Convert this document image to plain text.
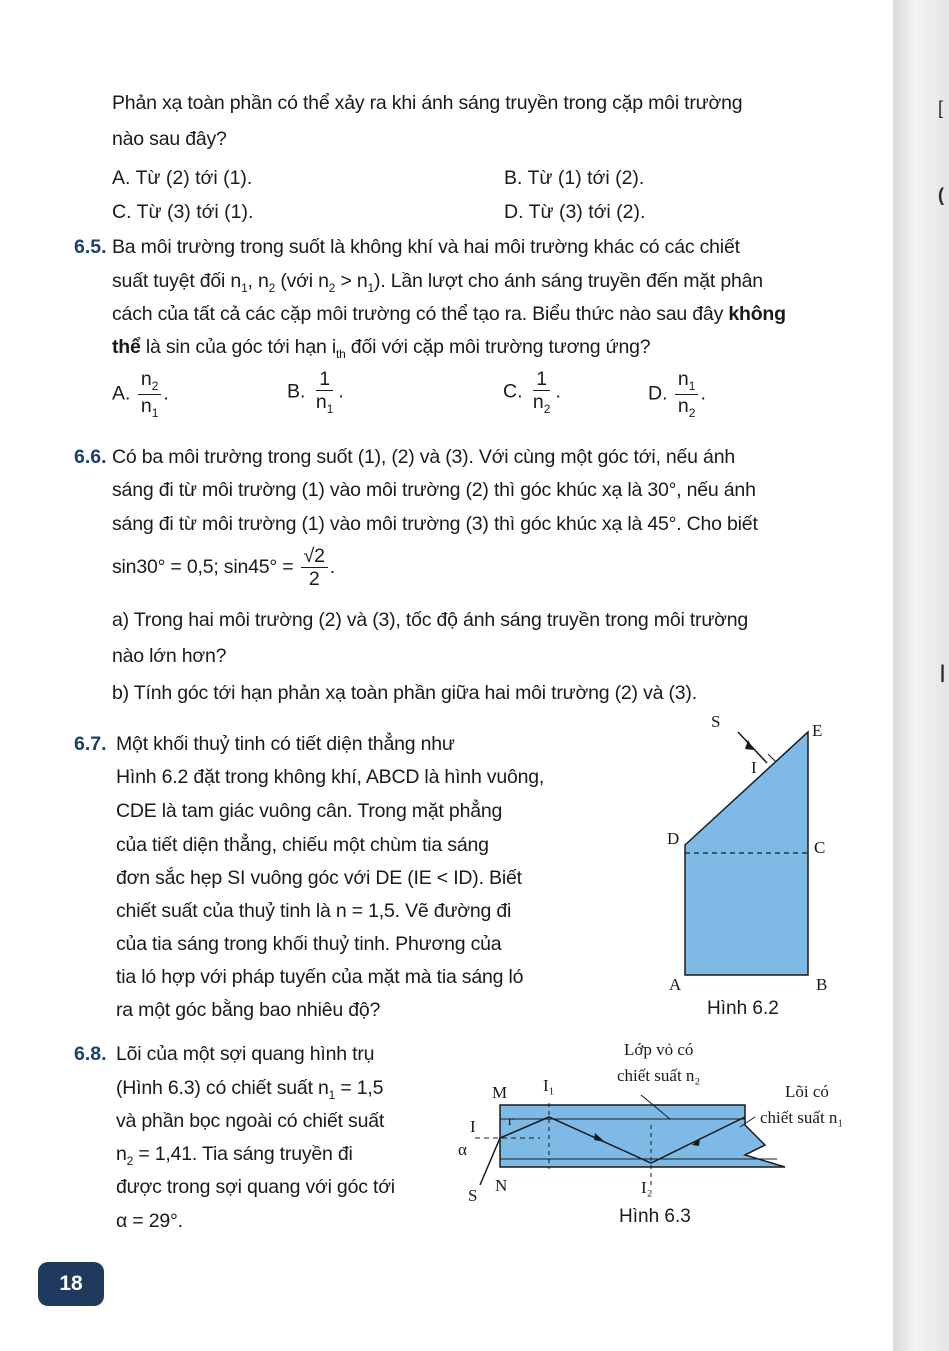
[
(
|
Phản xạ toàn phần có thể xảy ra khi ánh sáng truyền trong cặp môi trường
nào sau đây?
A. Từ (2) tới (1).	B. Từ (1) tới (2).
C. Từ (3) tới (1).	D. Từ (3) tới (2).
6.5. Ba môi trường trong suốt là không khí và hai môi trường khác có các chiết
suất tuyệt đối $n_1$, $n_2$ (với $n_2 > n_1$). Lần lượt cho ánh sáng truyền đến mặt phân
cách của tất cả các cặp môi trường có thể tạo ra. Biểu thức nào sau đây không
thể là sin của góc tới hạn $i_{th}$ đối với cặp môi trường tương ứng?
A. $\frac{n_2}{n_1}$ .	B. $\frac{1}{n_1}$ .	C. $\frac{1}{n_2}$ .	D. $\frac{n_1}{n_2}$ .
6.6. Có ba môi trường trong suốt (1), (2) và (3). Với cùng một góc tới, nếu ánh
sáng đi từ môi trường (1) vào môi trường (2) thì góc khúc xạ là 30°, nếu ánh
sáng đi từ môi trường (1) vào môi trường (3) thì góc khúc xạ là 45°. Cho biết
sin30° = 0,5; $\sin 45^\circ = \frac{√2}{2}$ .
a) Trong hai môi trường (2) và (3), tốc độ ánh sáng truyền trong môi trường
nào lớn hơn?
b) Tính góc tới hạn phản xạ toàn phần giữa hai môi trường (2) và (3).
6.7. Một khối thuỷ tinh có tiết diện thẳng như
Hình 6.2 đặt trong không khí, ABCD là hình vuông,
CDE là tam giác vuông cân. Trong mặt phẳng
của tiết diện thẳng, chiếu một chùm tia sáng
đơn sắc hẹp SI vuông góc với DE (IE < ID). Biết
chiết suất của thuỷ tinh là n = 1,5. Vẽ đường đi
của tia sáng trong khối thuỷ tinh. Phương của
tia ló hợp với pháp tuyến của mặt mà tia sáng ló
ra một góc bằng bao nhiêu độ?
S	E
I
D	C
A	B
Hình 6.2
6.8. Lõi của một sợi quang hình trụ
(Hình 6.3) có chiết suất $n_1 = 1,5$
và phần bọc ngoài có chiết suất
$n_2 = 1,41$. Tia sáng truyền đi
được trong sợi quang với góc tới
α = 29°.
Lớp vỏ có
chiết suất n₂
Lõi có
chiết suất n₁
M I₁
I r
α
N
S	I₂
Hình 6.3
18
